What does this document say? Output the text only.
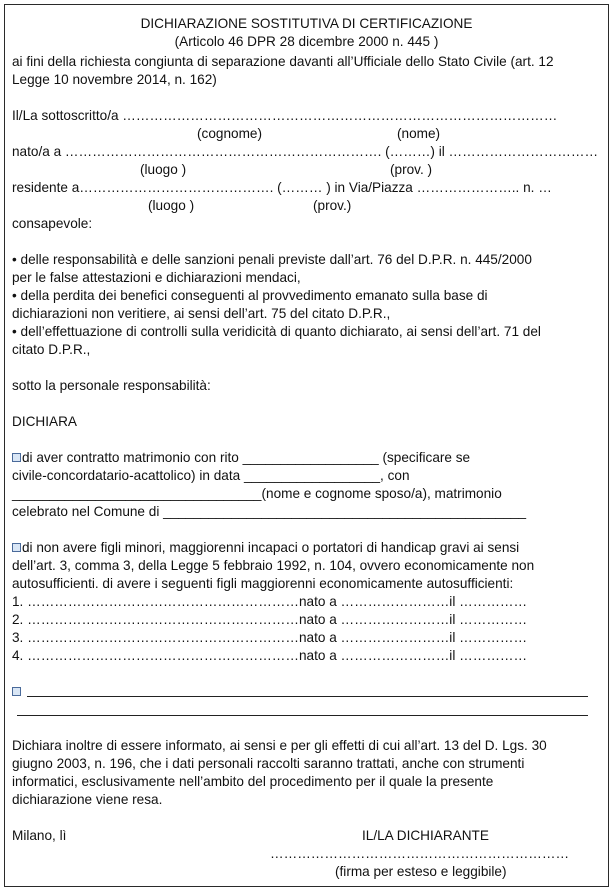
DICHIARAZIONE SOSTITUTIVA DI CERTIFICAZIONE
(Articolo 46 DPR 28 dicembre 2000 n. 445 )
ai fini della richiesta congiunta di separazione davanti all’Ufficiale dello Stato Civile (art. 12
Legge 10 novembre 2014, n. 162)
Il/La sottoscritto/a ……………………………………………………………………………………
(cognome)	(nome)
nato/a a ……………………………………………………………. (………) il ……………………………
(luogo )	(prov. )
residente a……………………………………. (……… ) in Via/Piazza ………………….. n. …
(luogo )	(prov.)
consapevole:
• delle responsabilità e delle sanzioni penali previste dall’art. 76 del D.P.R. n. 445/2000
per le false attestazioni e dichiarazioni mendaci,
• della perdita dei benefici conseguenti al provvedimento emanato sulla base di
dichiarazioni non veritiere, ai sensi dell’art. 75 del citato D.P.R.,
• dell’effettuazione di controlli sulla veridicità di quanto dichiarato, ai sensi dell’art. 71 del
citato D.P.R.,
sotto la personale responsabilità:
DICHIARA
di aver contratto matrimonio con rito __________________ (specificare se
civile-concordatario-acattolico) in data __________________, con
_________________________________(nome e cognome sposo/a), matrimonio
celebrato nel Comune di ________________________________________________
di non avere figli minori, maggiorenni incapaci o portatori di handicap gravi ai sensi
dell’art. 3, comma 3, della Legge 5 febbraio 1992, n. 104, ovvero economicamente non
autosufficienti. di avere i seguenti figli maggiorenni economicamente autosufficienti:
1. ……………………………………………………nato a ……………………il ……………
2. ……………………………………………………nato a ……………………il ……………
3. ……………………………………………………nato a ……………………il ……………
4. ……………………………………………………nato a ……………………il ……………
Dichiara inoltre di essere informato, ai sensi e per gli effetti di cui all’art. 13 del D. Lgs. 30
giugno 2003, n. 196, che i dati personali raccolti saranno trattati, anche con strumenti
informatici, esclusivamente nell’ambito del procedimento per il quale la presente
dichiarazione viene resa.
Milano, lì	IL/LA DICHIARANTE
…………………………………………………………
(firma per esteso e leggibile)
